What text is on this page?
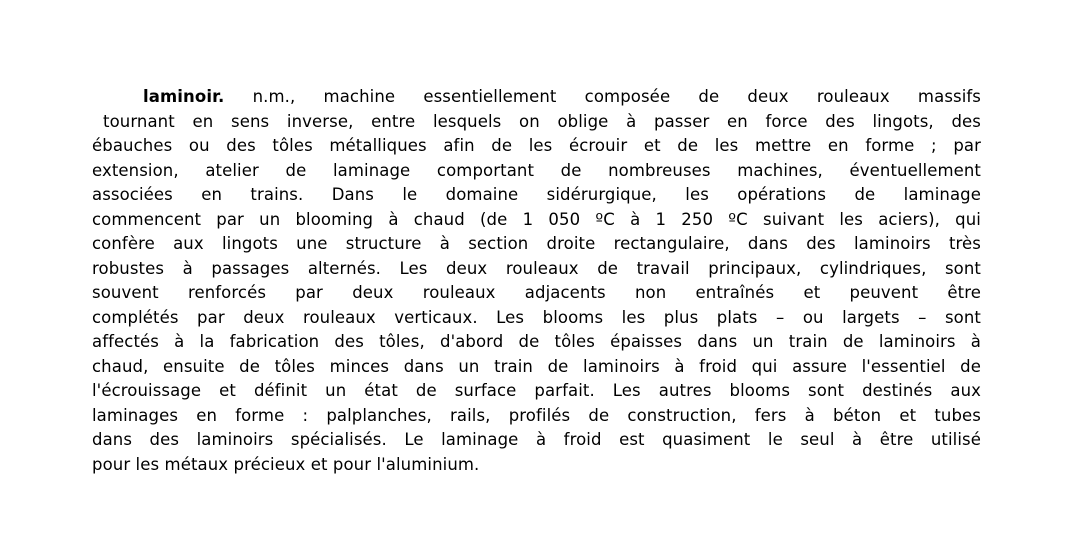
laminoir. n.m., machine essentiellement composée de deux rouleaux massifs
tournant en sens inverse, entre lesquels on oblige à passer en force des lingots, des
ébauches ou des tôles métalliques afin de les écrouir et de les mettre en forme ; par
extension, atelier de laminage comportant de nombreuses machines, éventuellement
associées en trains. Dans le domaine sidérurgique, les opérations de laminage
commencent par un blooming à chaud (de 1 050 ºC à 1 250 ºC suivant les aciers), qui
confère aux lingots une structure à section droite rectangulaire, dans des laminoirs très
robustes à passages alternés. Les deux rouleaux de travail principaux, cylindriques, sont
souvent renforcés par deux rouleaux adjacents non entraînés et peuvent être
complétés par deux rouleaux verticaux. Les blooms les plus plats – ou largets – sont
affectés à la fabrication des tôles, d'abord de tôles épaisses dans un train de laminoirs à
chaud, ensuite de tôles minces dans un train de laminoirs à froid qui assure l'essentiel de
l'écrouissage et définit un état de surface parfait. Les autres blooms sont destinés aux
laminages en forme : palplanches, rails, profilés de construction, fers à béton et tubes
dans des laminoirs spécialisés. Le laminage à froid est quasiment le seul à être utilisé
pour les métaux précieux et pour l'aluminium.
